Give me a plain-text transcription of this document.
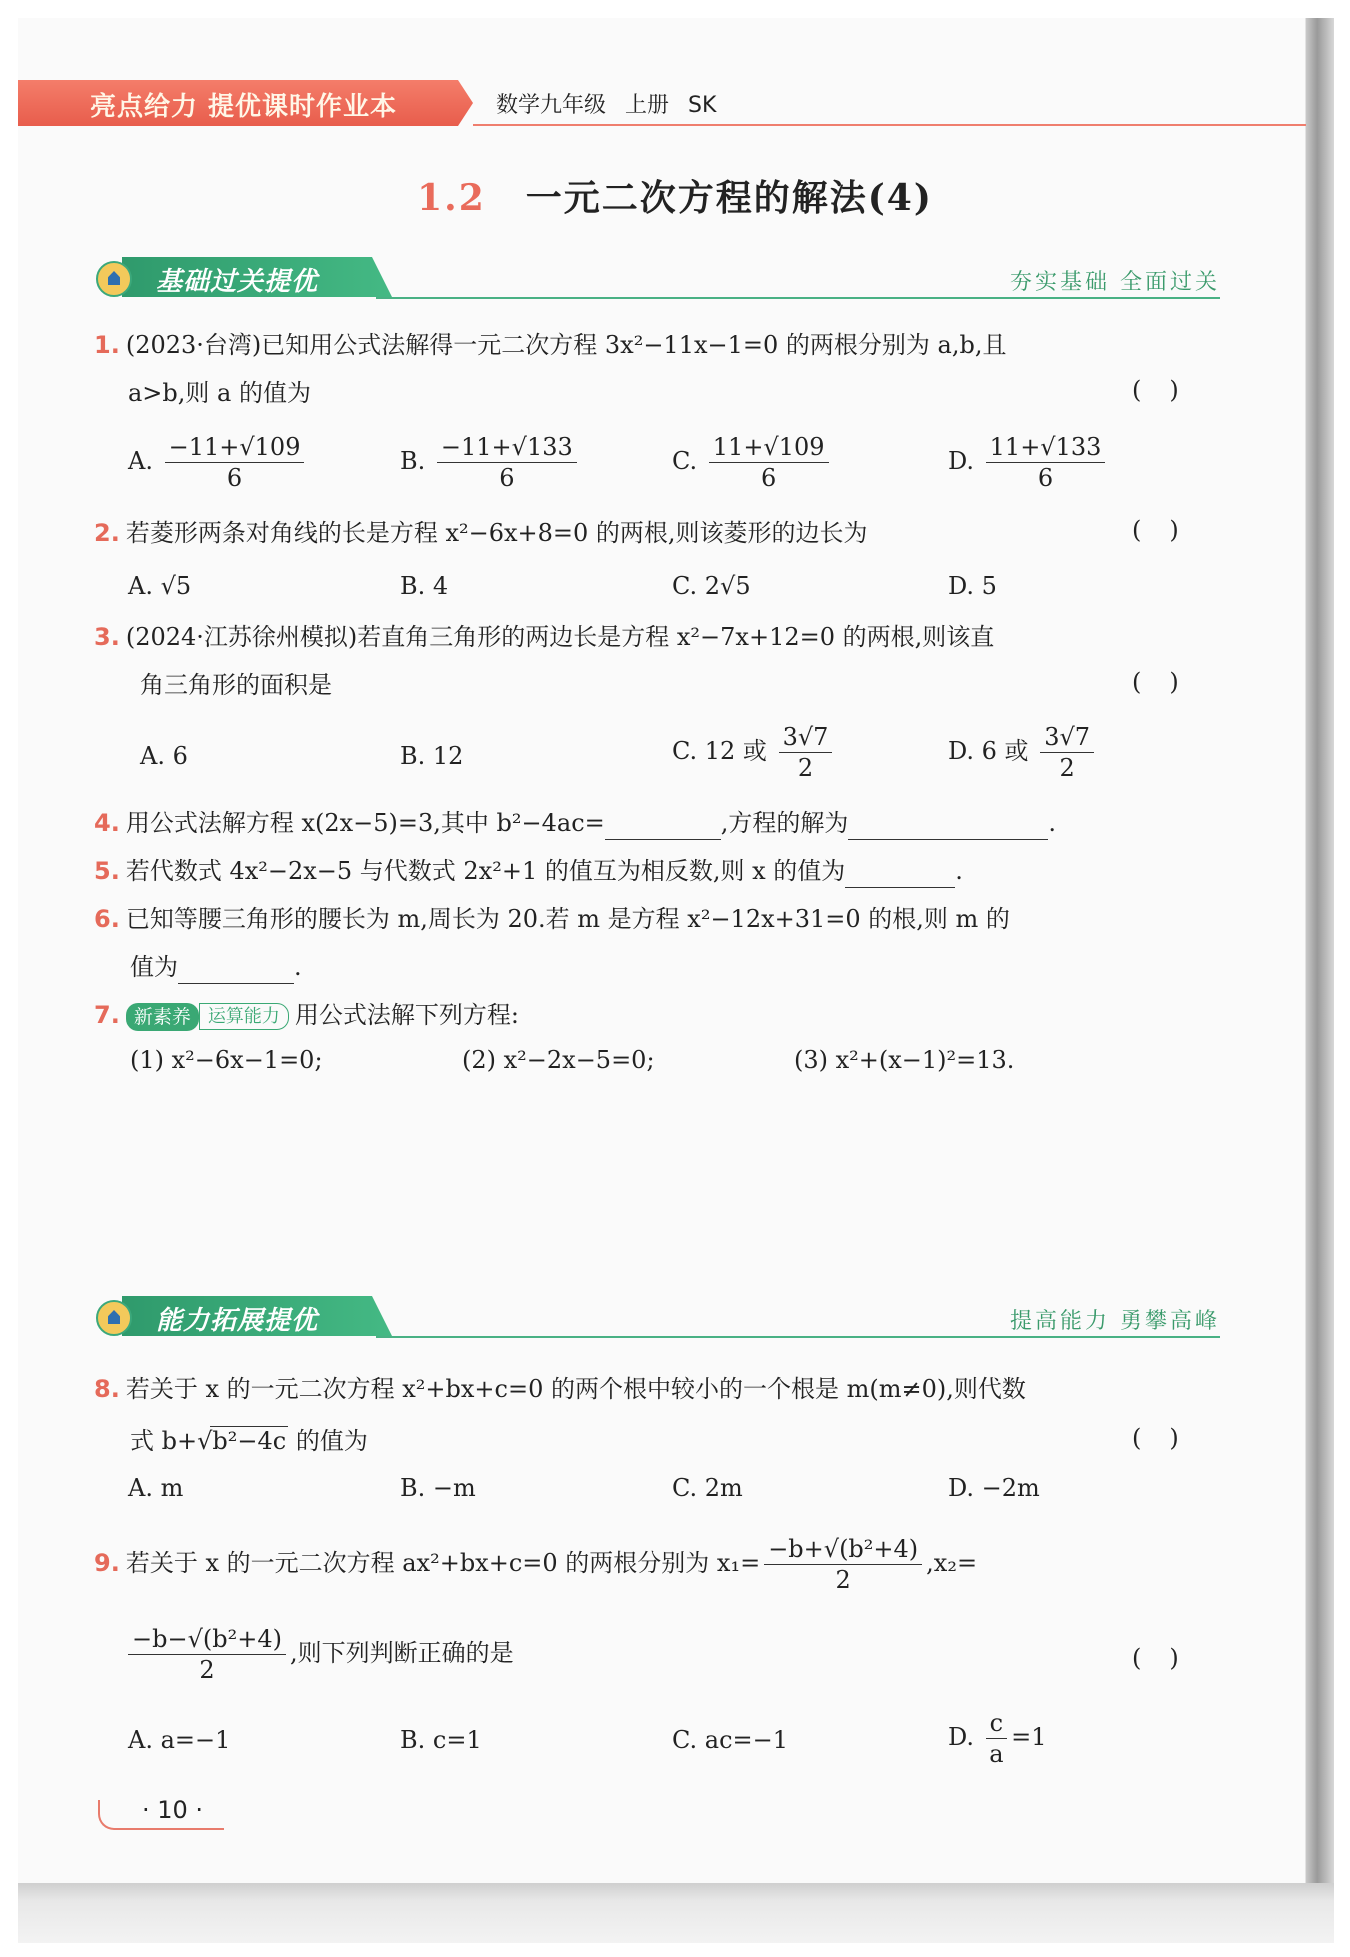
亮点给力 提优课时作业本	数学九年级 上册 SK
1.2 一元二次方程的解法(4)
基础过关提优	夯实基础 全面过关
1. (2023·台湾)已知用公式法解得一元二次方程 3x²−11x−1=0 的两根分别为 a,b,且
a>b,则 a 的值为	()
A. $\frac{-11+√109}{6}$	B. $\frac{-11+√133}{6}$	C. $\frac{11+√109}{6}$	D. $\frac{11+√133}{6}$
2. 若菱形两条对角线的长是方程 x²−6x+8=0 的两根,则该菱形的边长为	()
A. √5	B. 4	C. 2√5	D. 5
3. (2024·江苏徐州模拟)若直角三角形的两边长是方程 x²−7x+12=0 的两根,则该直
角三角形的面积是	()
A. 6	B. 12	C. 12 或 $\frac{3√7}{2}$	D. 6 或 $\frac{3√7}{2}$
4. 用公式法解方程 x(2x−5)=3,其中 b²−4ac=	,方程的解为	.
5. 若代数式 4x²−2x−5 与代数式 2x²+1 的值互为相反数,则 x 的值为	.
6. 已知等腰三角形的腰长为 m,周长为 20.若 m 是方程 x²−12x+31=0 的根,则 m 的
值为	.
7. 新素养 运算能力 用公式法解下列方程:
(1) x²−6x−1=0;	(2) x²−2x−5=0;	(3) x²+(x−1)²=13.
能力拓展提优	提高能力 勇攀高峰
8. 若关于 x 的一元二次方程 x²+bx+c=0 的两个根中较小的一个根是 m(m≠0),则代数
式 b+√b²−4c 的值为	()
A. m	B. −m	C. 2m	D. −2m
9. 若关于 x 的一元二次方程 ax²+bx+c=0 的两根分别为 $x_1= \frac{\text{−b+√(b²+4)}}{2} ,x_2=$
$\frac{\text{−b−√(b²+4)}}{2}$ ,则下列判断正确的是	()
A. a=−1	B. c=1	C. ac=−1	D. $\frac{c}{a} =1$
· 10 ·
